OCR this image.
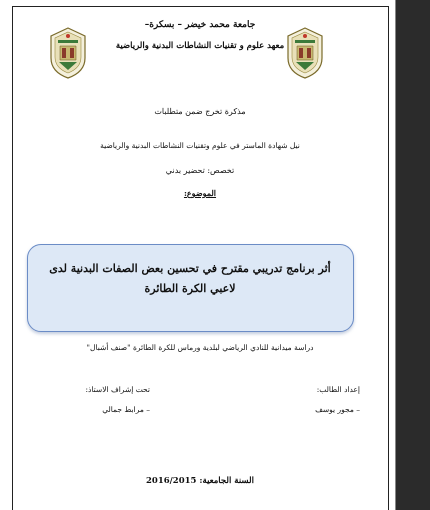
جامعة محمد خيضر – بسكرة–
معهد علوم و تقنيات النشاطات البدنية والرياضية
مذكرة تخرج ضمن متطلبات
نيل شهادة الماستر في علوم وتقنيات النشاطات البدنية والرياضية
تخصص: تحضير بدني
الموضوع:
أثر برنامج تدريبي مقترح في تحسين بعض الصفات البدنية لدى لاعبي الكرة الطائرة
دراسة ميدانية للنادي الرياضي لبلدية ورماس للكرة الطائرة "صنف أشبال"
إعداد الطالب:
– مجور يوسف
تحت إشراف الاستاذ:
– مرابط جمالي
السنة الجامعية: 2016/2015
